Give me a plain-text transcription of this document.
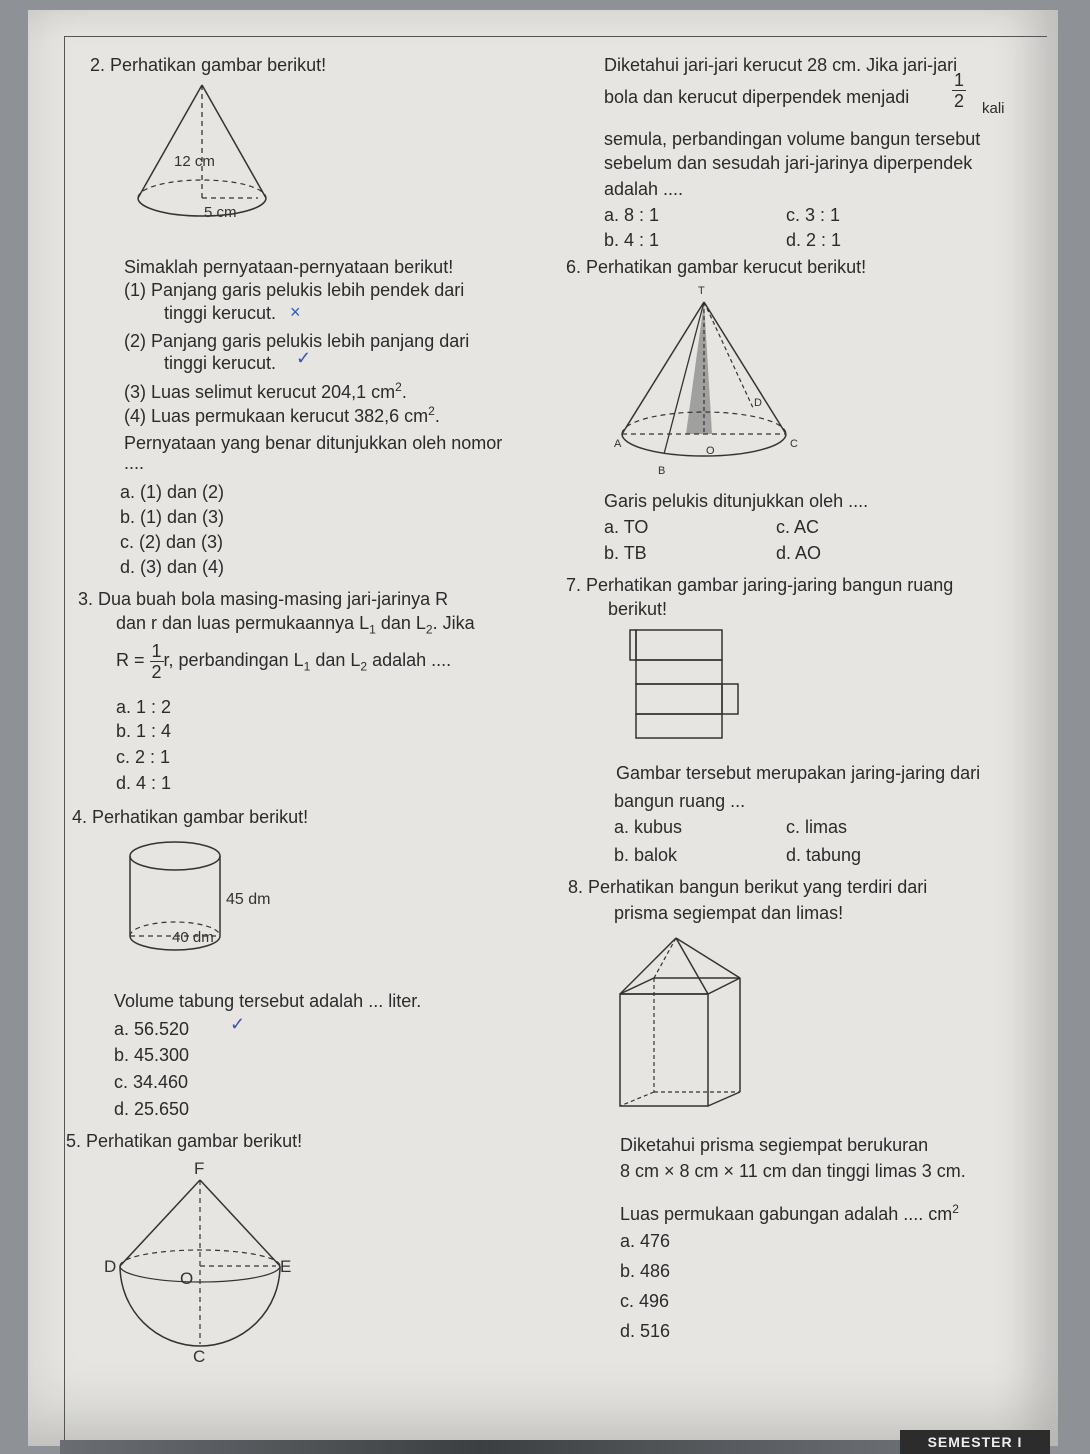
2. Perhatikan gambar berikut!
12 cm
5 cm
Simaklah pernyataan-pernyataan berikut!
(1) Panjang garis pelukis lebih pendek dari
tinggi kerucut. ×
(2) Panjang garis pelukis lebih panjang dari
tinggi kerucut. ✓
(3) Luas selimut kerucut 204,1 $cm^2$.
(4) Luas permukaan kerucut 382,6 $cm^2$.
Pernyataan yang benar ditunjukkan oleh nomor
....
a. (1) dan (2)
b. (1) dan (3)
c. (2) dan (3)
d. (3) dan (4)
3. Dua buah bola masing-masing jari-jarinya R
dan r dan luas permukaannya $L_1$ dan $L_2$. Jika
$R = \frac{1}{2} r$, perbandingan $L_1$ dan $L_2$ adalah ....
a. 1 : 2
b. 1 : 4
c. 2 : 1
d. 4 : 1
4. Perhatikan gambar berikut!
45 dm
40 dm
Volume tabung tersebut adalah ... liter.
a. 56.520 ✓
b. 45.300
c. 34.460
d. 25.650
5. Perhatikan gambar berikut!
F
D
O
E
C
Diketahui jari-jari kerucut 28 cm. Jika jari-jari
bola dan kerucut diperpendek menjadi $\frac{1}{2}$ kali
semula, perbandingan volume bangun tersebut
sebelum dan sesudah jari-jarinya diperpendek
adalah ....
a. 8 : 1
b. 4 : 1
c. 3 : 1
d. 2 : 1
6. Perhatikan gambar kerucut berikut!
T
D
A
O
C
B
Garis pelukis ditunjukkan oleh ....
a. TO
b. TB
c. AC
d. AO
7. Perhatikan gambar jaring-jaring bangun ruang
berikut!
Gambar tersebut merupakan jaring-jaring dari
bangun ruang ...
a. kubus
b. balok
c. limas
d. tabung
8. Perhatikan bangun berikut yang terdiri dari
prisma segiempat dan limas!
Diketahui prisma segiempat berukuran
8 cm × 8 cm × 11 cm dan tinggi limas 3 cm.
Luas permukaan gabungan adalah .... $cm^2$
a. 476
b. 486
c. 496
d. 516
SEMESTER I
